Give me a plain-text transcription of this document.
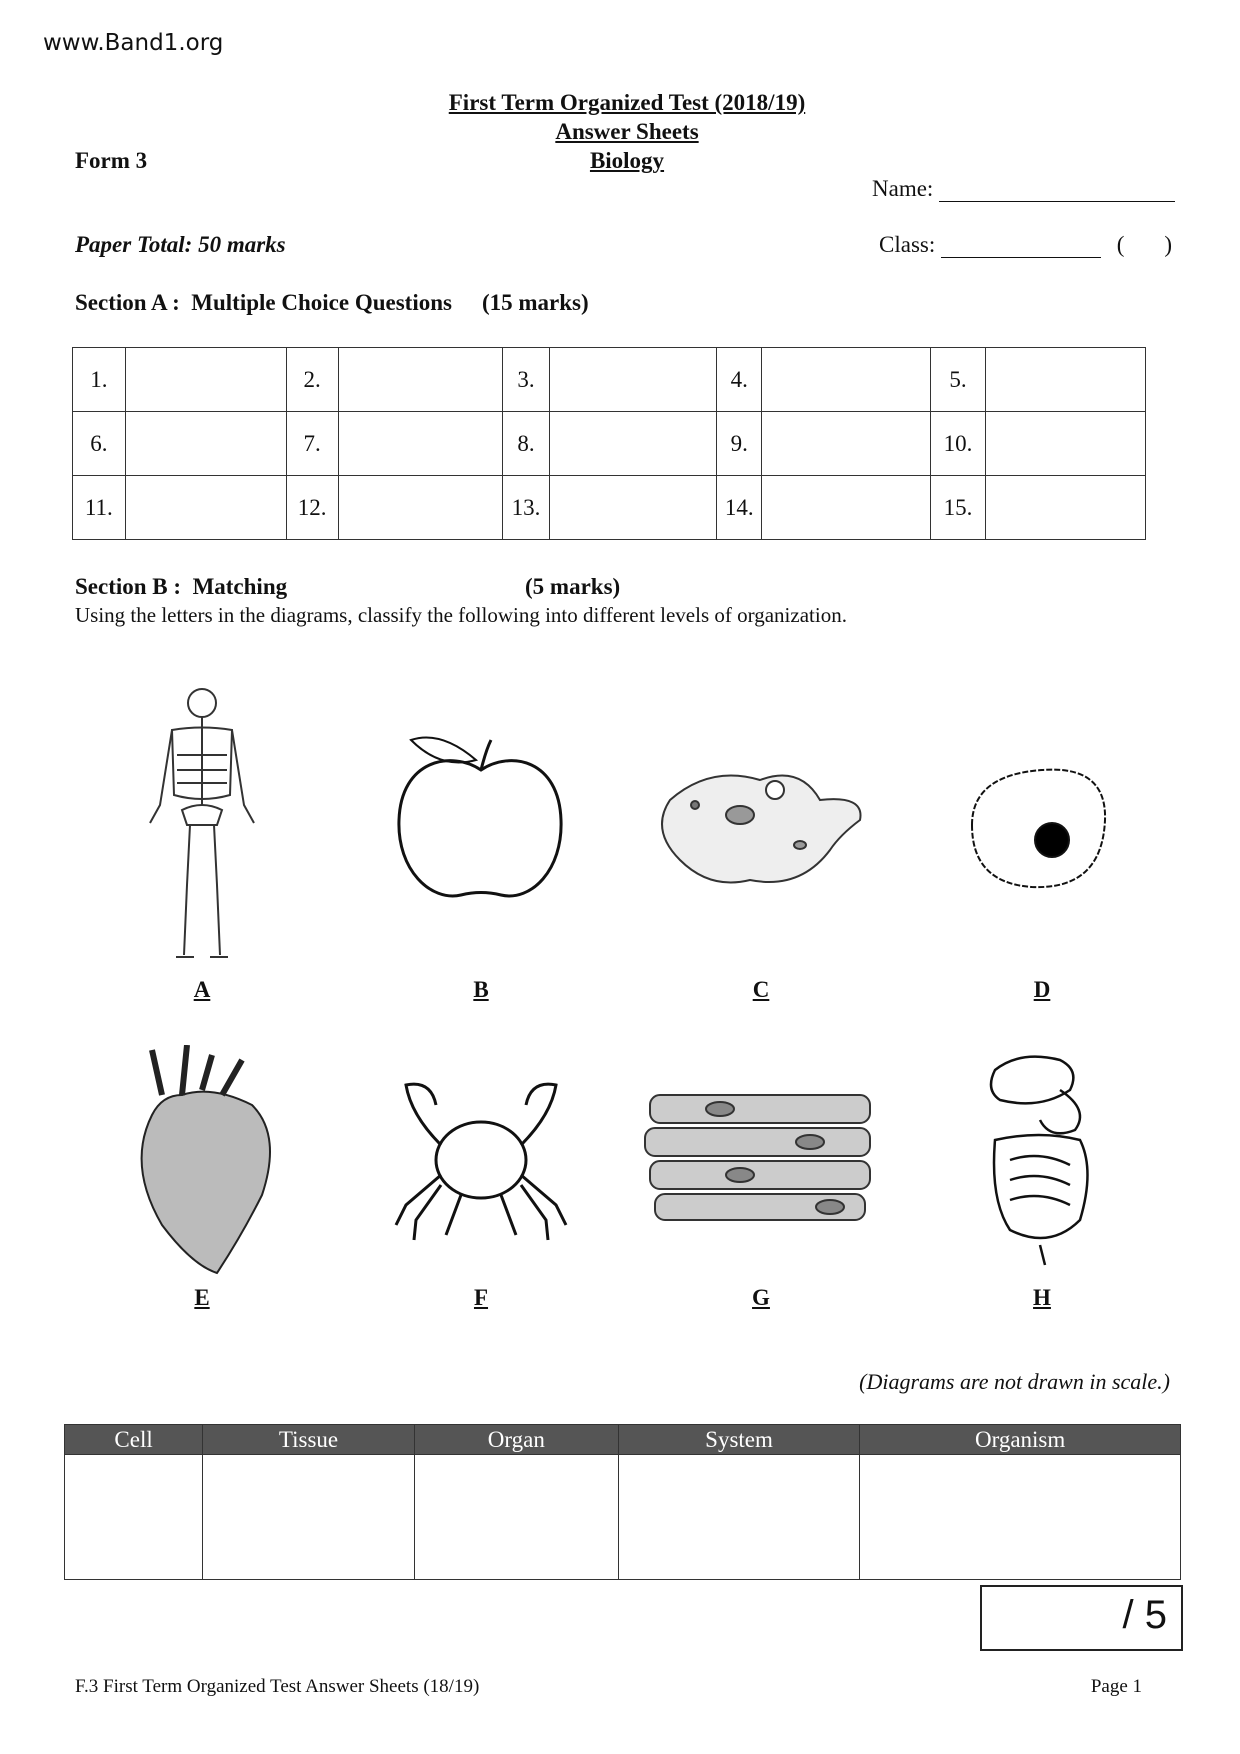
www.Band1.org
First Term Organized Test (2018/19)
Answer Sheets
Biology
Form 3
Name:
Paper Total: 50 marks	Class:	( )
Section A : Multiple Choice Questions (15 marks)
1.		2.		3.		4.		5.	
6.		7.		8.		9.		10.	
11.		12.		13.		14.		15.	
Section B : Matching	(5 marks)
Using the letters in the diagrams, classify the following into different levels of organization.
A	B	C	D
E	F	G	H
(Diagrams are not drawn in scale.)
Cell	Tissue	Organ	System	Organism

/ 5
F.3 First Term Organized Test Answer Sheets (18/19)	Page 1
